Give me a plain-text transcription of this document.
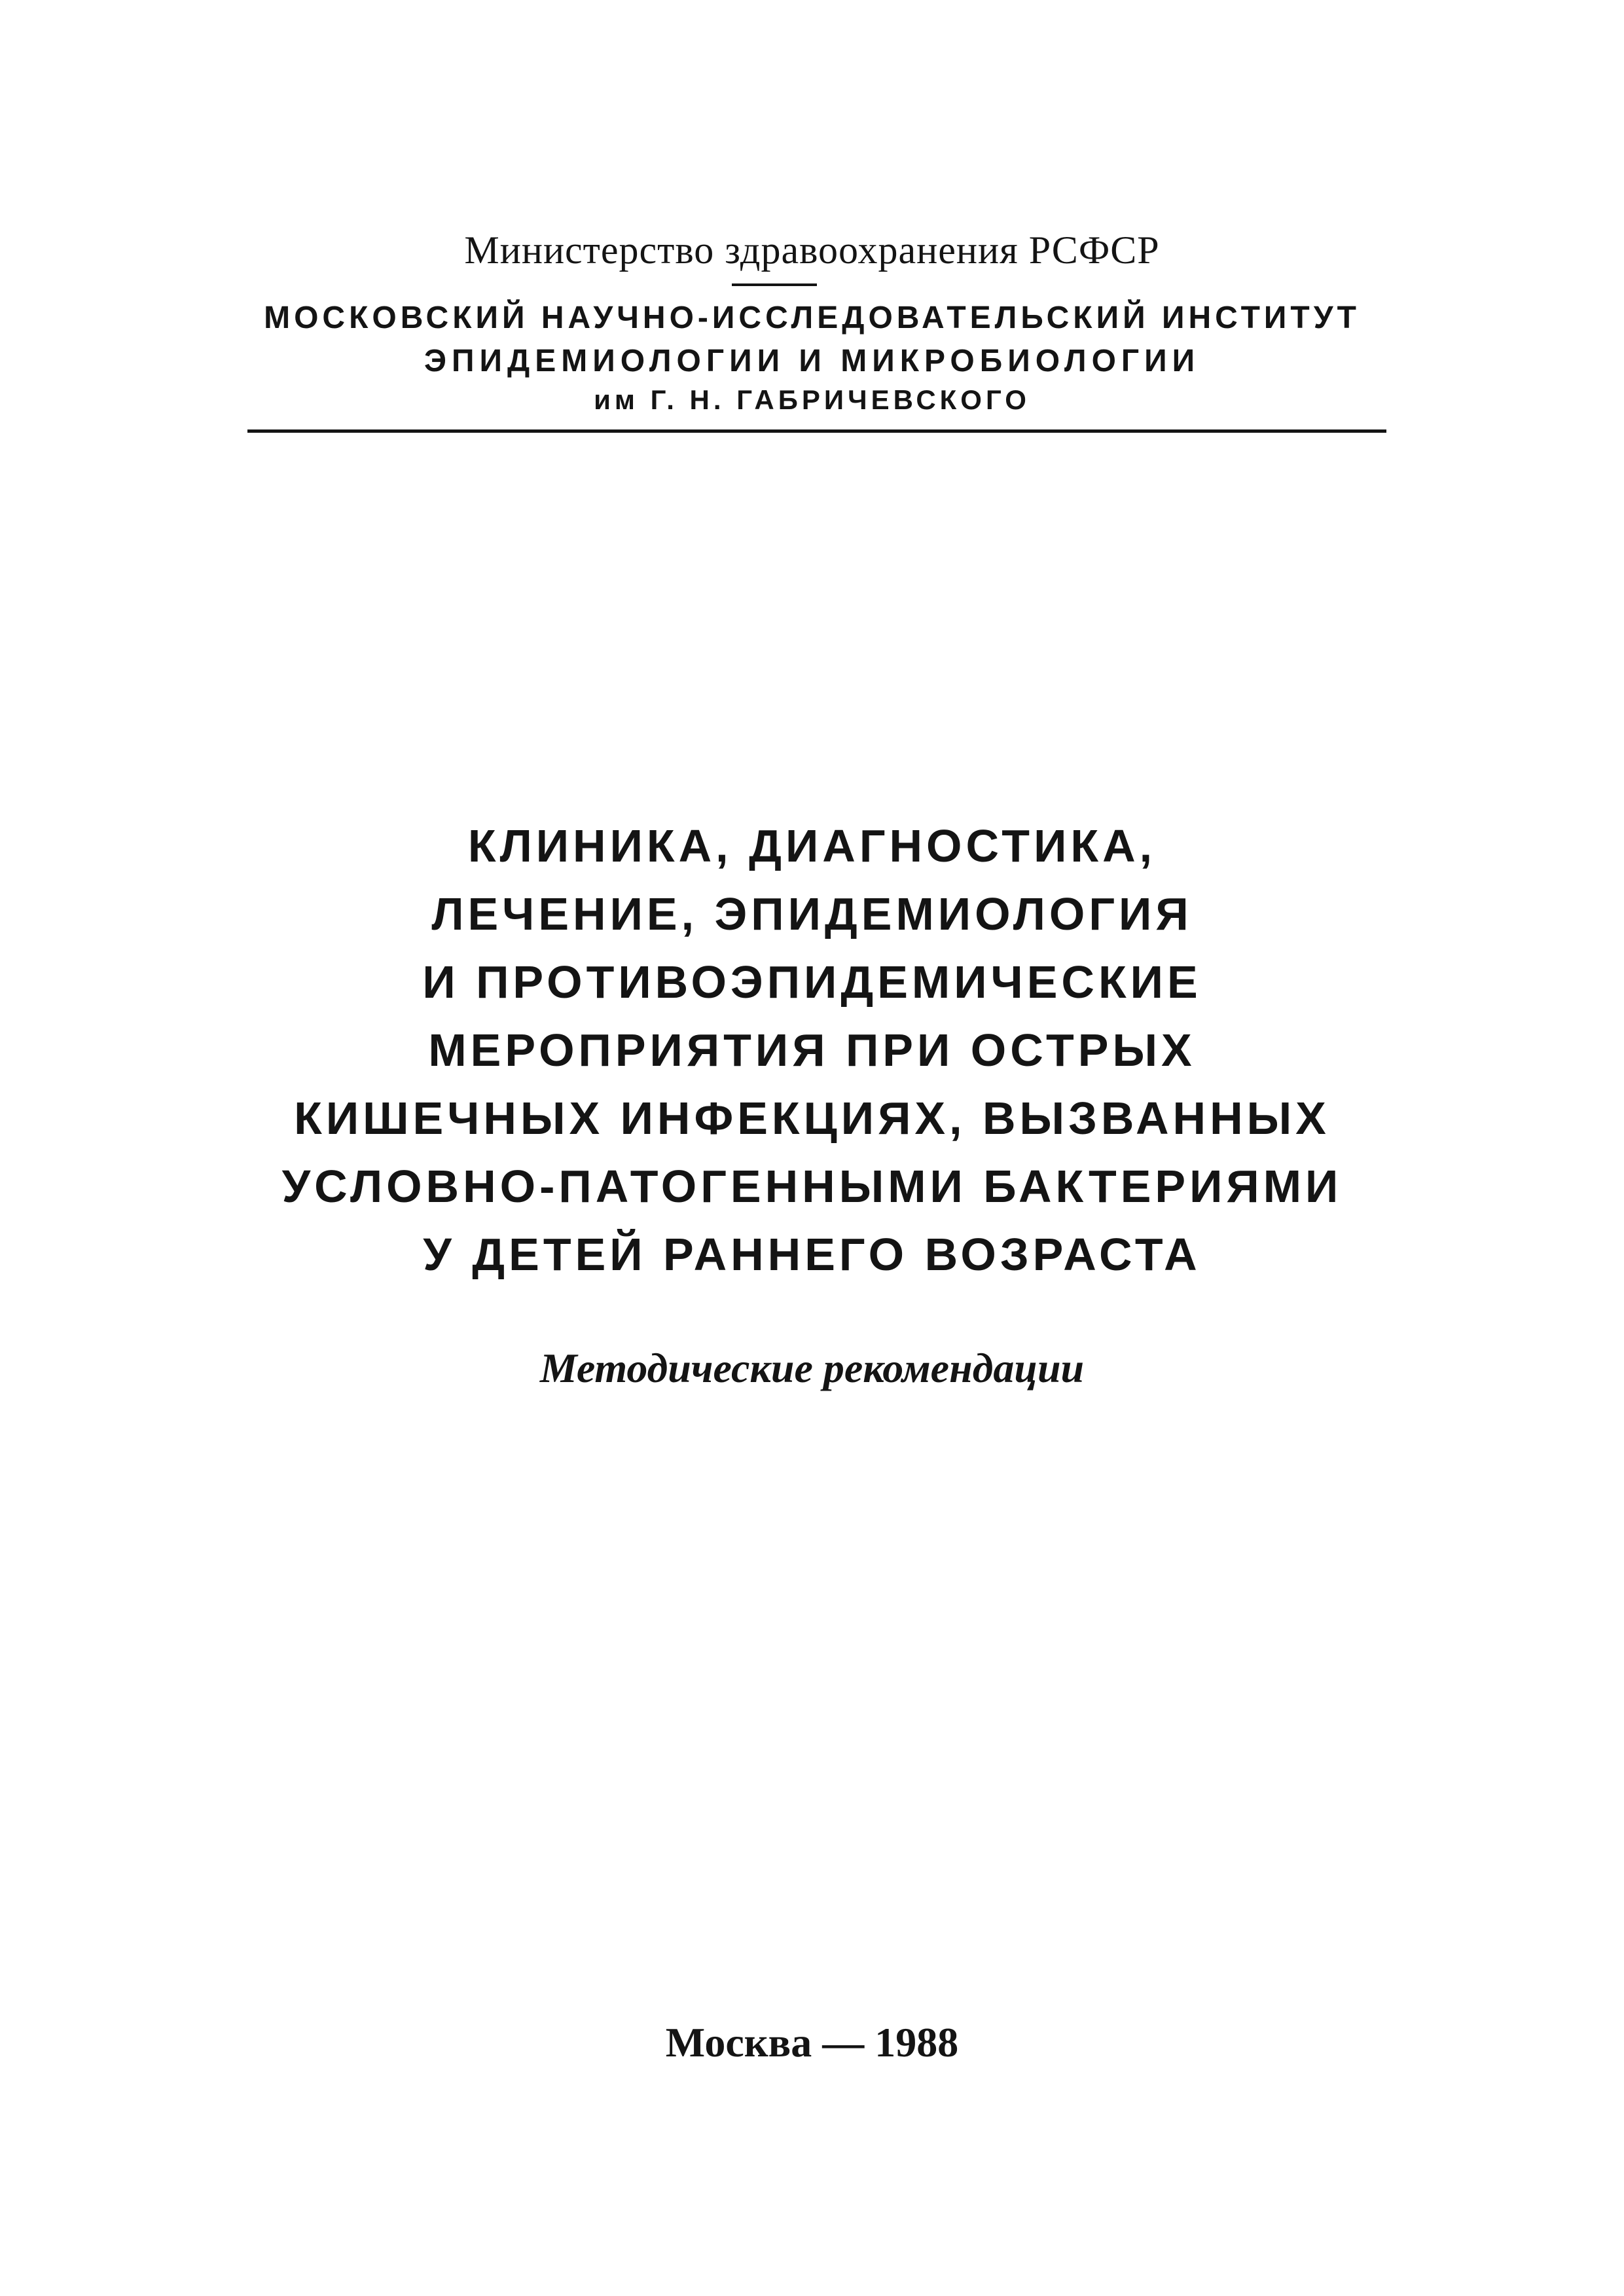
Министерство здравоохранения РСФСР
МОСКОВСКИЙ НАУЧНО-ИССЛЕДОВАТЕЛЬСКИЙ ИНСТИТУТ
ЭПИДЕМИОЛОГИИ И МИКРОБИОЛОГИИ
им Г. Н. ГАБРИЧЕВСКОГО
КЛИНИКА, ДИАГНОСТИКА,
ЛЕЧЕНИЕ, ЭПИДЕМИОЛОГИЯ
И ПРОТИВОЭПИДЕМИЧЕСКИЕ
МЕРОПРИЯТИЯ ПРИ ОСТРЫХ
КИШЕЧНЫХ ИНФЕКЦИЯХ, ВЫЗВАННЫХ
УСЛОВНО-ПАТОГЕННЫМИ БАКТЕРИЯМИ
У ДЕТЕЙ РАННЕГО ВОЗРАСТА
Методические рекомендации
Москва — 1988
